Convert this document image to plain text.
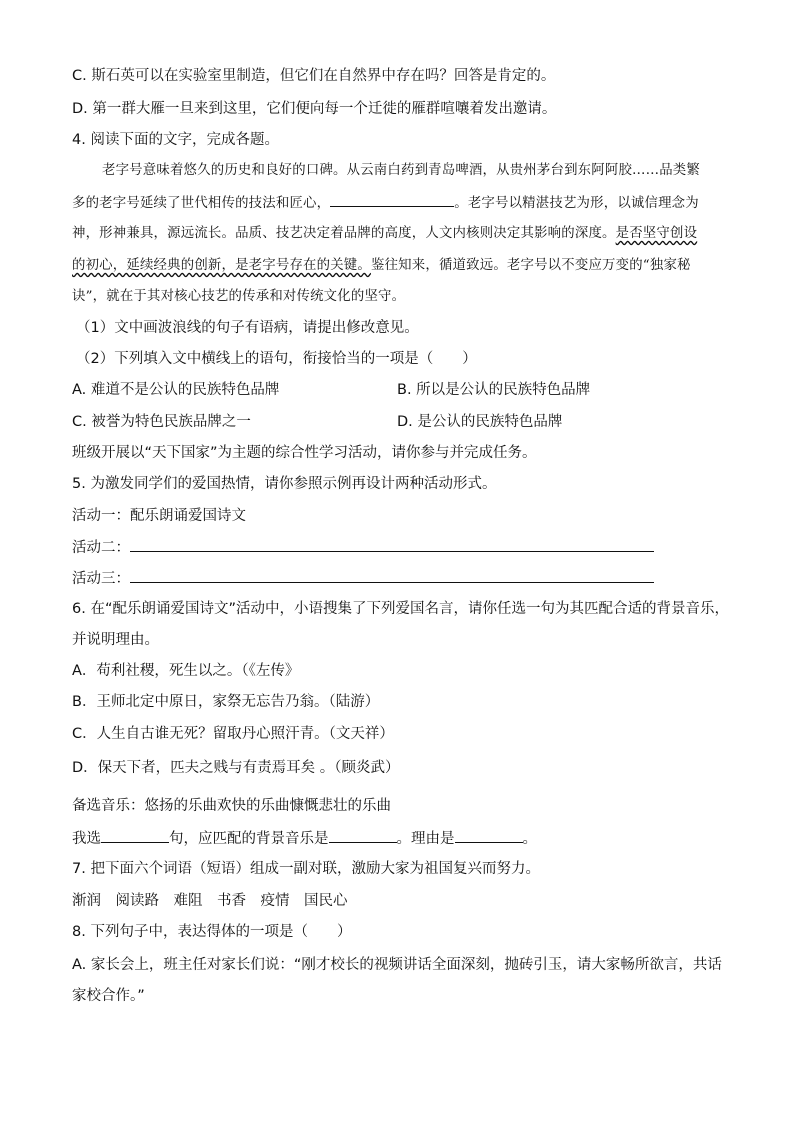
C. 斯石英可以在实验室里制造，但它们在自然界中存在吗？回答是肯定的。
D. 第一群大雁一旦来到这里，它们便向每一个迁徙的雁群喧嚷着发出邀请。
4. 阅读下面的文字，完成各题。
老字号意味着悠久的历史和良好的口碑。从云南白药到青岛啤酒，从贵州茅台到东阿阿胶……品类繁
多的老字号延续了世代相传的技法和匠心，	。老字号以精湛技艺为形，以诚信理念为
神，形神兼具，源远流长。品质、技艺决定着品牌的高度，人文内核则决定其影响的深度。是否坚守创设
的初心，延续经典的创新，是老字号存在的关键。鉴往知来，循道致远。老字号以不变应万变的“独家秘
诀”，就在于其对核心技艺的传承和对传统文化的坚守。
（1）文中画波浪线的句子有语病，请提出修改意见。
（2）下列填入文中横线上的语句，衔接恰当的一项是（　　）
A. 难道不是公认的民族特色品牌	B. 所以是公认的民族特色品牌
C. 被誉为特色民族品牌之一	D. 是公认的民族特色品牌
班级开展以“天下国家”为主题的综合性学习活动，请你参与并完成任务。
5. 为激发同学们的爱国热情，请你参照示例再设计两种活动形式。
活动一：配乐朗诵爱国诗文
活动二：
活动三：
6. 在“配乐朗诵爱国诗文”活动中，小语搜集了下列爱国名言，请你任选一句为其匹配合适的背景音乐，
并说明理由。
A．苟利社稷，死生以之。（《左传》
B．王师北定中原日，家祭无忘告乃翁。（陆游）
C．人生自古谁无死？留取丹心照汗青。（文天祥）
D．保天下者，匹夫之贱与有责焉耳矣 。（顾炎武）
备选音乐：悠扬的乐曲欢快的乐曲慷慨悲壮的乐曲
我选	句，应匹配的背景音乐是	。理由是	。
7. 把下面六个词语（短语）组成一副对联，激励大家为祖国复兴而努力。
渐润　阅读路　难阻　书香　疫情　国民心
8. 下列句子中，表达得体的一项是（　　）
A. 家长会上，班主任对家长们说：“刚才校长的视频讲话全面深刻，抛砖引玉，请大家畅所欲言，共话
家校合作。”
